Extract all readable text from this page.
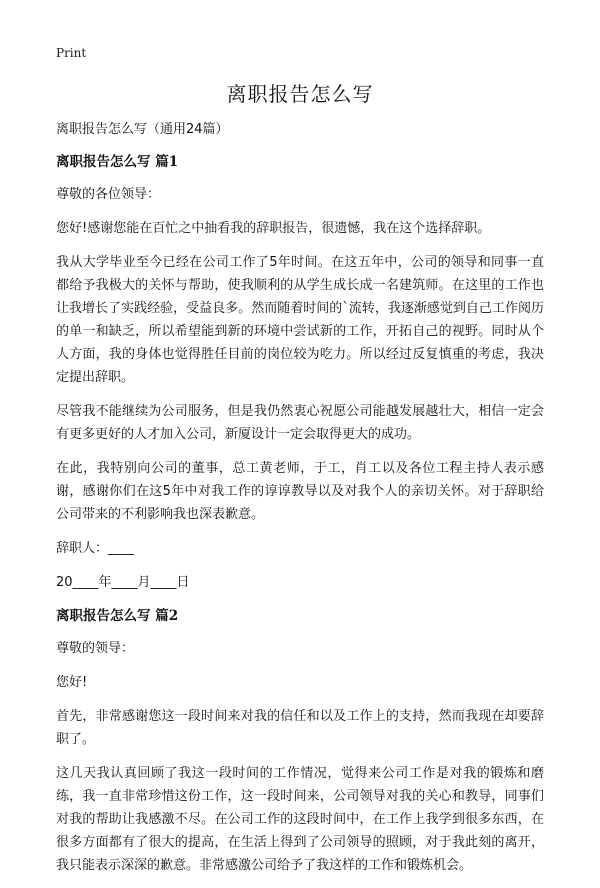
Print
离职报告怎么写

离职报告怎么写（通用24篇）

离职报告怎么写 篇1

尊敬的各位领导：

您好!感谢您能在百忙之中抽看我的辞职报告，很遗憾，我在这个选择辞职。

我从大学毕业至今已经在公司工作了5年时间。在这五年中，公司的领导和同事一直都给予我极大的关怀与帮助，使我顺利的从学生成长成一名建筑师。在这里的工作也让我增长了实践经验，受益良多。然而随着时间的`流转，我逐渐感觉到自己工作阅历的单一和缺乏，所以希望能到新的环境中尝试新的工作，开拓自己的视野。同时从个人方面，我的身体也觉得胜任目前的岗位较为吃力。所以经过反复慎重的考虑，我决定提出辞职。

尽管我不能继续为公司服务，但是我仍然衷心祝愿公司能越发展越壮大，相信一定会有更多更好的人才加入公司，新厦设计一定会取得更大的成功。

在此，我特别向公司的董事，总工黄老师，于工，肖工以及各位工程主持人表示感谢，感谢你们在这5年中对我工作的谆谆教导以及对我个人的亲切关怀。对于辞职给公司带来的不利影响我也深表歉意。

辞职人：____

20____年____月____日

离职报告怎么写 篇2

尊敬的领导：

您好!

首先，非常感谢您这一段时间来对我的信任和以及工作上的支持，然而我现在却要辞职了。

这几天我认真回顾了我这一段时间的工作情况，觉得来公司工作是对我的锻炼和磨练，我一直非常珍惜这份工作，这一段时间来，公司领导对我的关心和教导，同事们对我的帮助让我感激不尽。在公司工作的这段时间中，在工作上我学到很多东西，在很多方面都有了很大的提高，在生活上得到了公司领导的照顾，对于我此刻的离开，我只能表示深深的歉意。非常感激公司给予了我这样的工作和锻炼机会。
